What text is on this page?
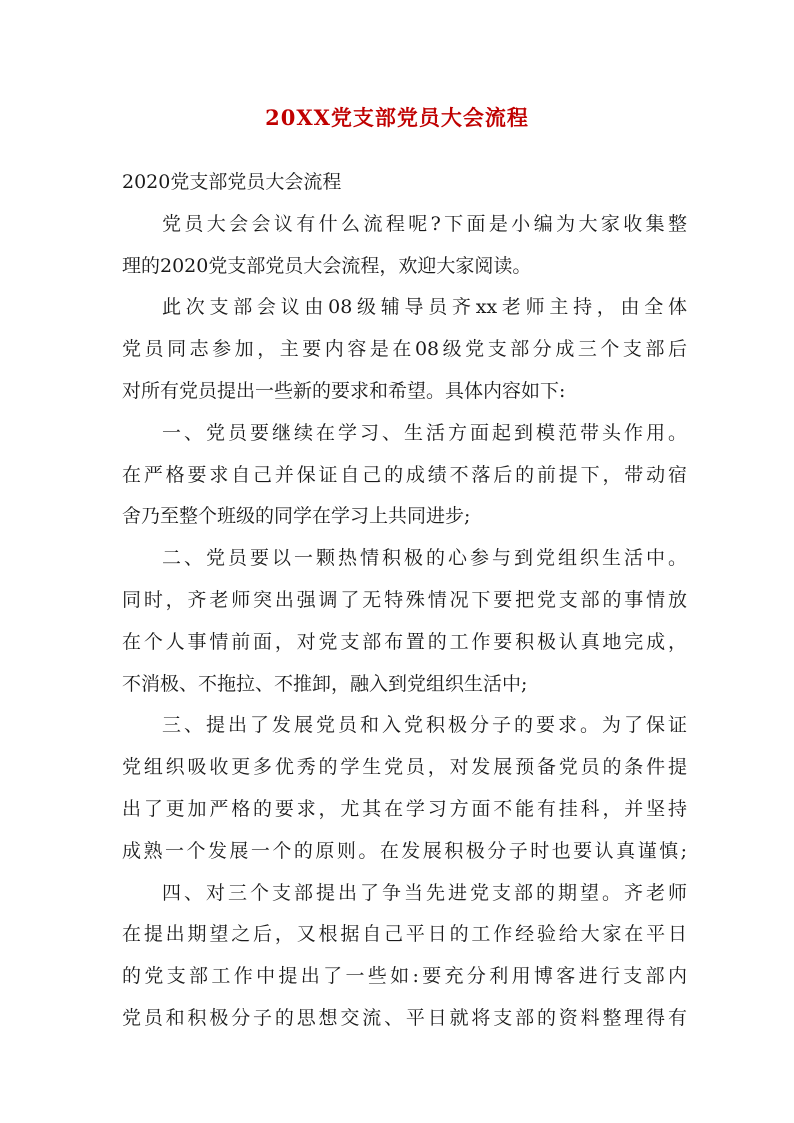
20XX党支部党员大会流程
2020党支部党员大会流程
党员大会会议有什么流程呢?下面是小编为大家收集整
理的2020党支部党员大会流程，欢迎大家阅读。
此次支部会议由08级辅导员齐xx老师主持，由全体
党员同志参加，主要内容是在08级党支部分成三个支部后
对所有党员提出一些新的要求和希望。具体内容如下:
一、党员要继续在学习、生活方面起到模范带头作用。
在严格要求自己并保证自己的成绩不落后的前提下，带动宿
舍乃至整个班级的同学在学习上共同进步;
二、党员要以一颗热情积极的心参与到党组织生活中。
同时，齐老师突出强调了无特殊情况下要把党支部的事情放
在个人事情前面，对党支部布置的工作要积极认真地完成，
不消极、不拖拉、不推卸，融入到党组织生活中;
三、提出了发展党员和入党积极分子的要求。为了保证
党组织吸收更多优秀的学生党员，对发展预备党员的条件提
出了更加严格的要求，尤其在学习方面不能有挂科，并坚持
成熟一个发展一个的原则。在发展积极分子时也要认真谨慎;
四、对三个支部提出了争当先进党支部的期望。齐老师
在提出期望之后，又根据自己平日的工作经验给大家在平日
的党支部工作中提出了一些如:要充分利用博客进行支部内
党员和积极分子的思想交流、平日就将支部的资料整理得有
